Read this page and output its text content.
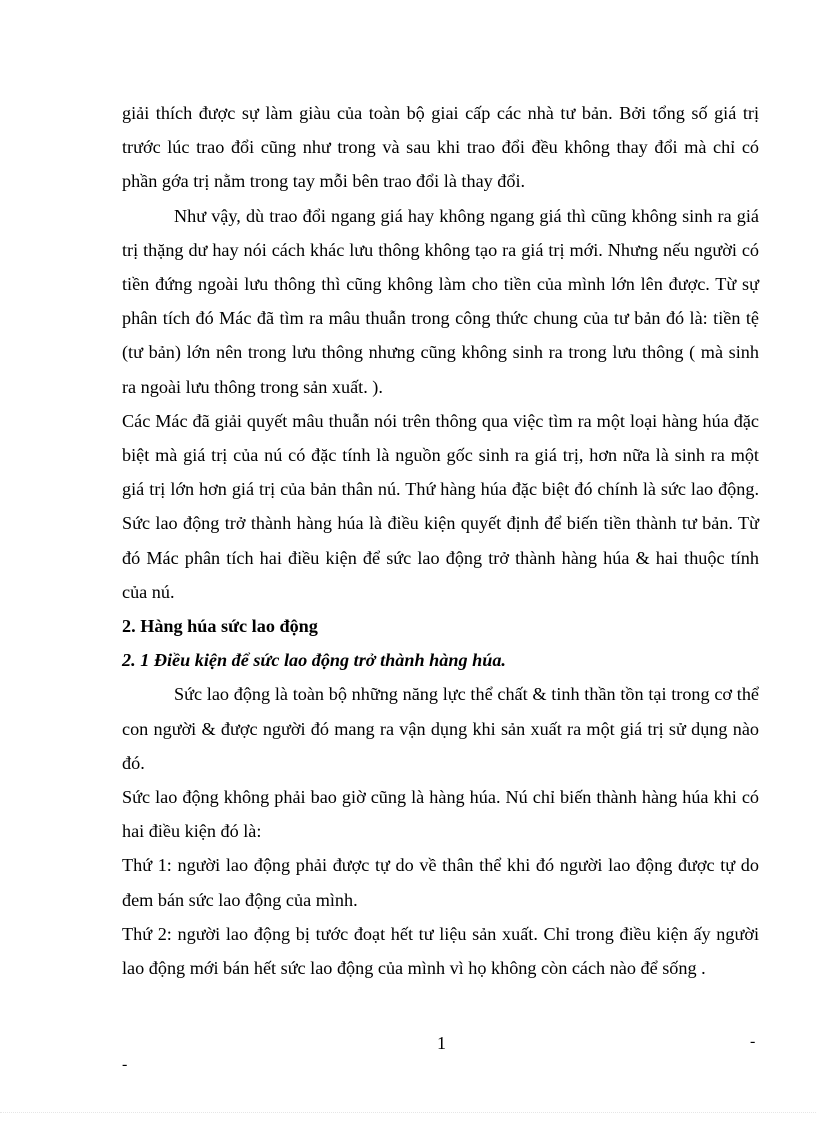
giải thích được sự làm giàu của toàn bộ giai cấp các nhà tư bản. Bởi tổng số giá trị trước lúc trao đổi cũng như trong và sau khi trao đổi đều không thay đổi mà chỉ có phần gớa trị nằm trong tay mỗi bên trao đổi là thay đổi.

Như vậy, dù trao đổi ngang giá hay không ngang giá thì cũng không sinh ra giá trị thặng dư hay nói cách khác lưu thông không tạo ra giá trị mới. Nhưng nếu người có tiền đứng ngoài lưu thông thì cũng không làm cho tiền của mình lớn lên được. Từ sự phân tích đó Mác đã tìm ra mâu thuẫn trong công thức chung của tư bản đó là: tiền tệ (tư bản) lớn nên trong lưu thông nhưng cũng không sinh ra trong lưu thông ( mà sinh ra ngoài lưu thông trong sản xuất. ).

Các Mác đã giải quyết mâu thuẫn nói trên thông qua việc tìm ra một loại hàng húa đặc biệt mà giá trị của nú có đặc tính là nguồn gốc sinh ra giá trị, hơn nữa là sinh ra một giá trị lớn hơn giá trị của bản thân nú. Thứ hàng húa đặc biệt đó chính là sức lao động. Sức lao động trở thành hàng húa là điều kiện quyết định để biến tiền thành tư bản. Từ đó Mác phân tích hai điều kiện để sức lao động trở thành hàng húa & hai thuộc tính của nú.

2. Hàng húa sức lao động

2. 1 Điều kiện để sức lao động trở thành hàng húa.

Sức lao động là toàn bộ những năng lực thể chất & tinh thần tồn tại trong cơ thể con người & được người đó mang ra vận dụng khi sản xuất ra một giá trị sử dụng nào đó.

Sức lao động không phải bao giờ cũng là hàng húa. Nú chỉ biến thành hàng húa khi có hai điều kiện đó là:

Thứ 1: người lao động phải được tự do về thân thể khi đó người lao động được tự do đem bán sức lao động của mình.

Thứ 2: người lao động bị tước đoạt hết tư liệu sản xuất. Chỉ trong điều kiện ấy người lao động mới bán hết sức lao động của mình vì họ không còn cách nào để sống .

1	-
-
